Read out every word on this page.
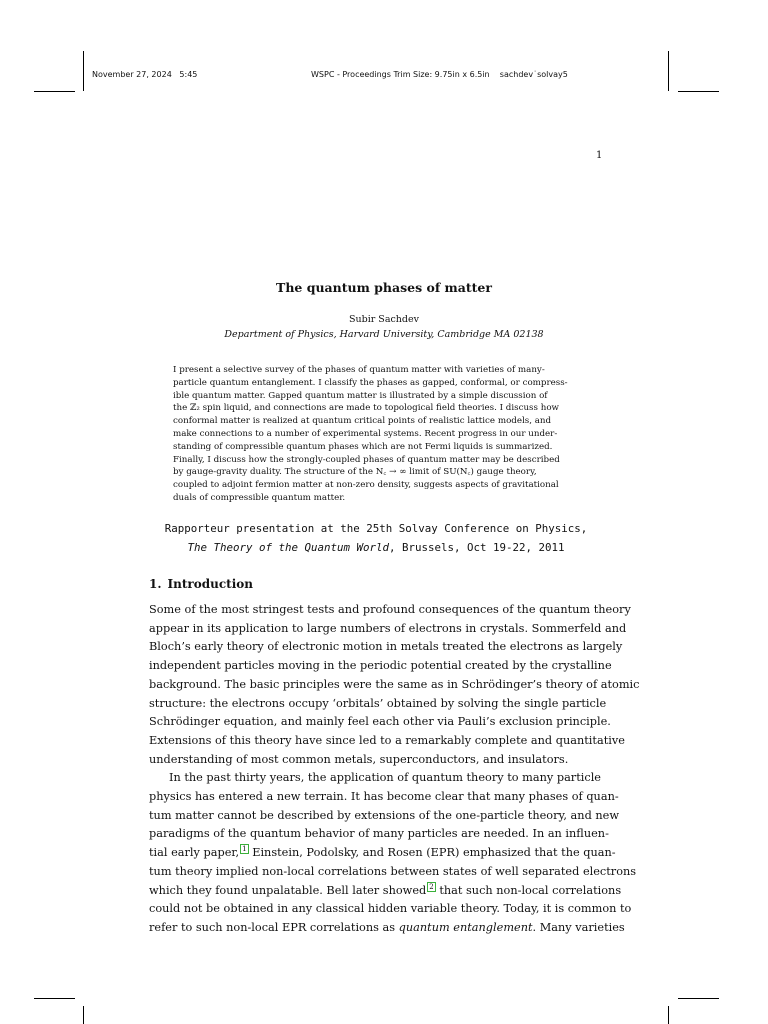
November 27, 2024   5:45	WSPC - Proceedings Trim Size: 9.75in x 6.5in    sachdev˙solvay5
1
The quantum phases of matter
Subir Sachdev
Department of Physics, Harvard University, Cambridge MA 02138
I present a selective survey of the phases of quantum matter with varieties of many-
particle quantum entanglement. I classify the phases as gapped, conformal, or compress-
ible quantum matter. Gapped quantum matter is illustrated by a simple discussion of
the ℤ₂ spin liquid, and connections are made to topological field theories. I discuss how
conformal matter is realized at quantum critical points of realistic lattice models, and
make connections to a number of experimental systems. Recent progress in our under-
standing of compressible quantum phases which are not Fermi liquids is summarized.
Finally, I discuss how the strongly-coupled phases of quantum matter may be described
by gauge-gravity duality. The structure of the N꜀ → ∞ limit of SU(N꜀) gauge theory,
coupled to adjoint fermion matter at non-zero density, suggests aspects of gravitational
duals of compressible quantum matter.
Rapporteur presentation at the 25th Solvay Conference on Physics,
The Theory of the Quantum World, Brussels, Oct 19-22, 2011
1. Introduction
Some of the most stringest tests and profound consequences of the quantum theory
appear in its application to large numbers of electrons in crystals. Sommerfeld and
Bloch’s early theory of electronic motion in metals treated the electrons as largely
independent particles moving in the periodic potential created by the crystalline
background. The basic principles were the same as in Schrödinger’s theory of atomic
structure: the electrons occupy ‘orbitals’ obtained by solving the single particle
Schrödinger equation, and mainly feel each other via Pauli’s exclusion principle.
Extensions of this theory have since led to a remarkably complete and quantitative
understanding of most common metals, superconductors, and insulators.
In the past thirty years, the application of quantum theory to many particle
physics has entered a new terrain. It has become clear that many phases of quan-
tum matter cannot be described by extensions of the one-particle theory, and new
paradigms of the quantum behavior of many particles are needed. In an influen-
tial early paper, 1 Einstein, Podolsky, and Rosen (EPR) emphasized that the quan-
tum theory implied non-local correlations between states of well separated electrons
which they found unpalatable. Bell later showed 2 that such non-local correlations
could not be obtained in any classical hidden variable theory. Today, it is common to
refer to such non-local EPR correlations as quantum entanglement. Many varieties
